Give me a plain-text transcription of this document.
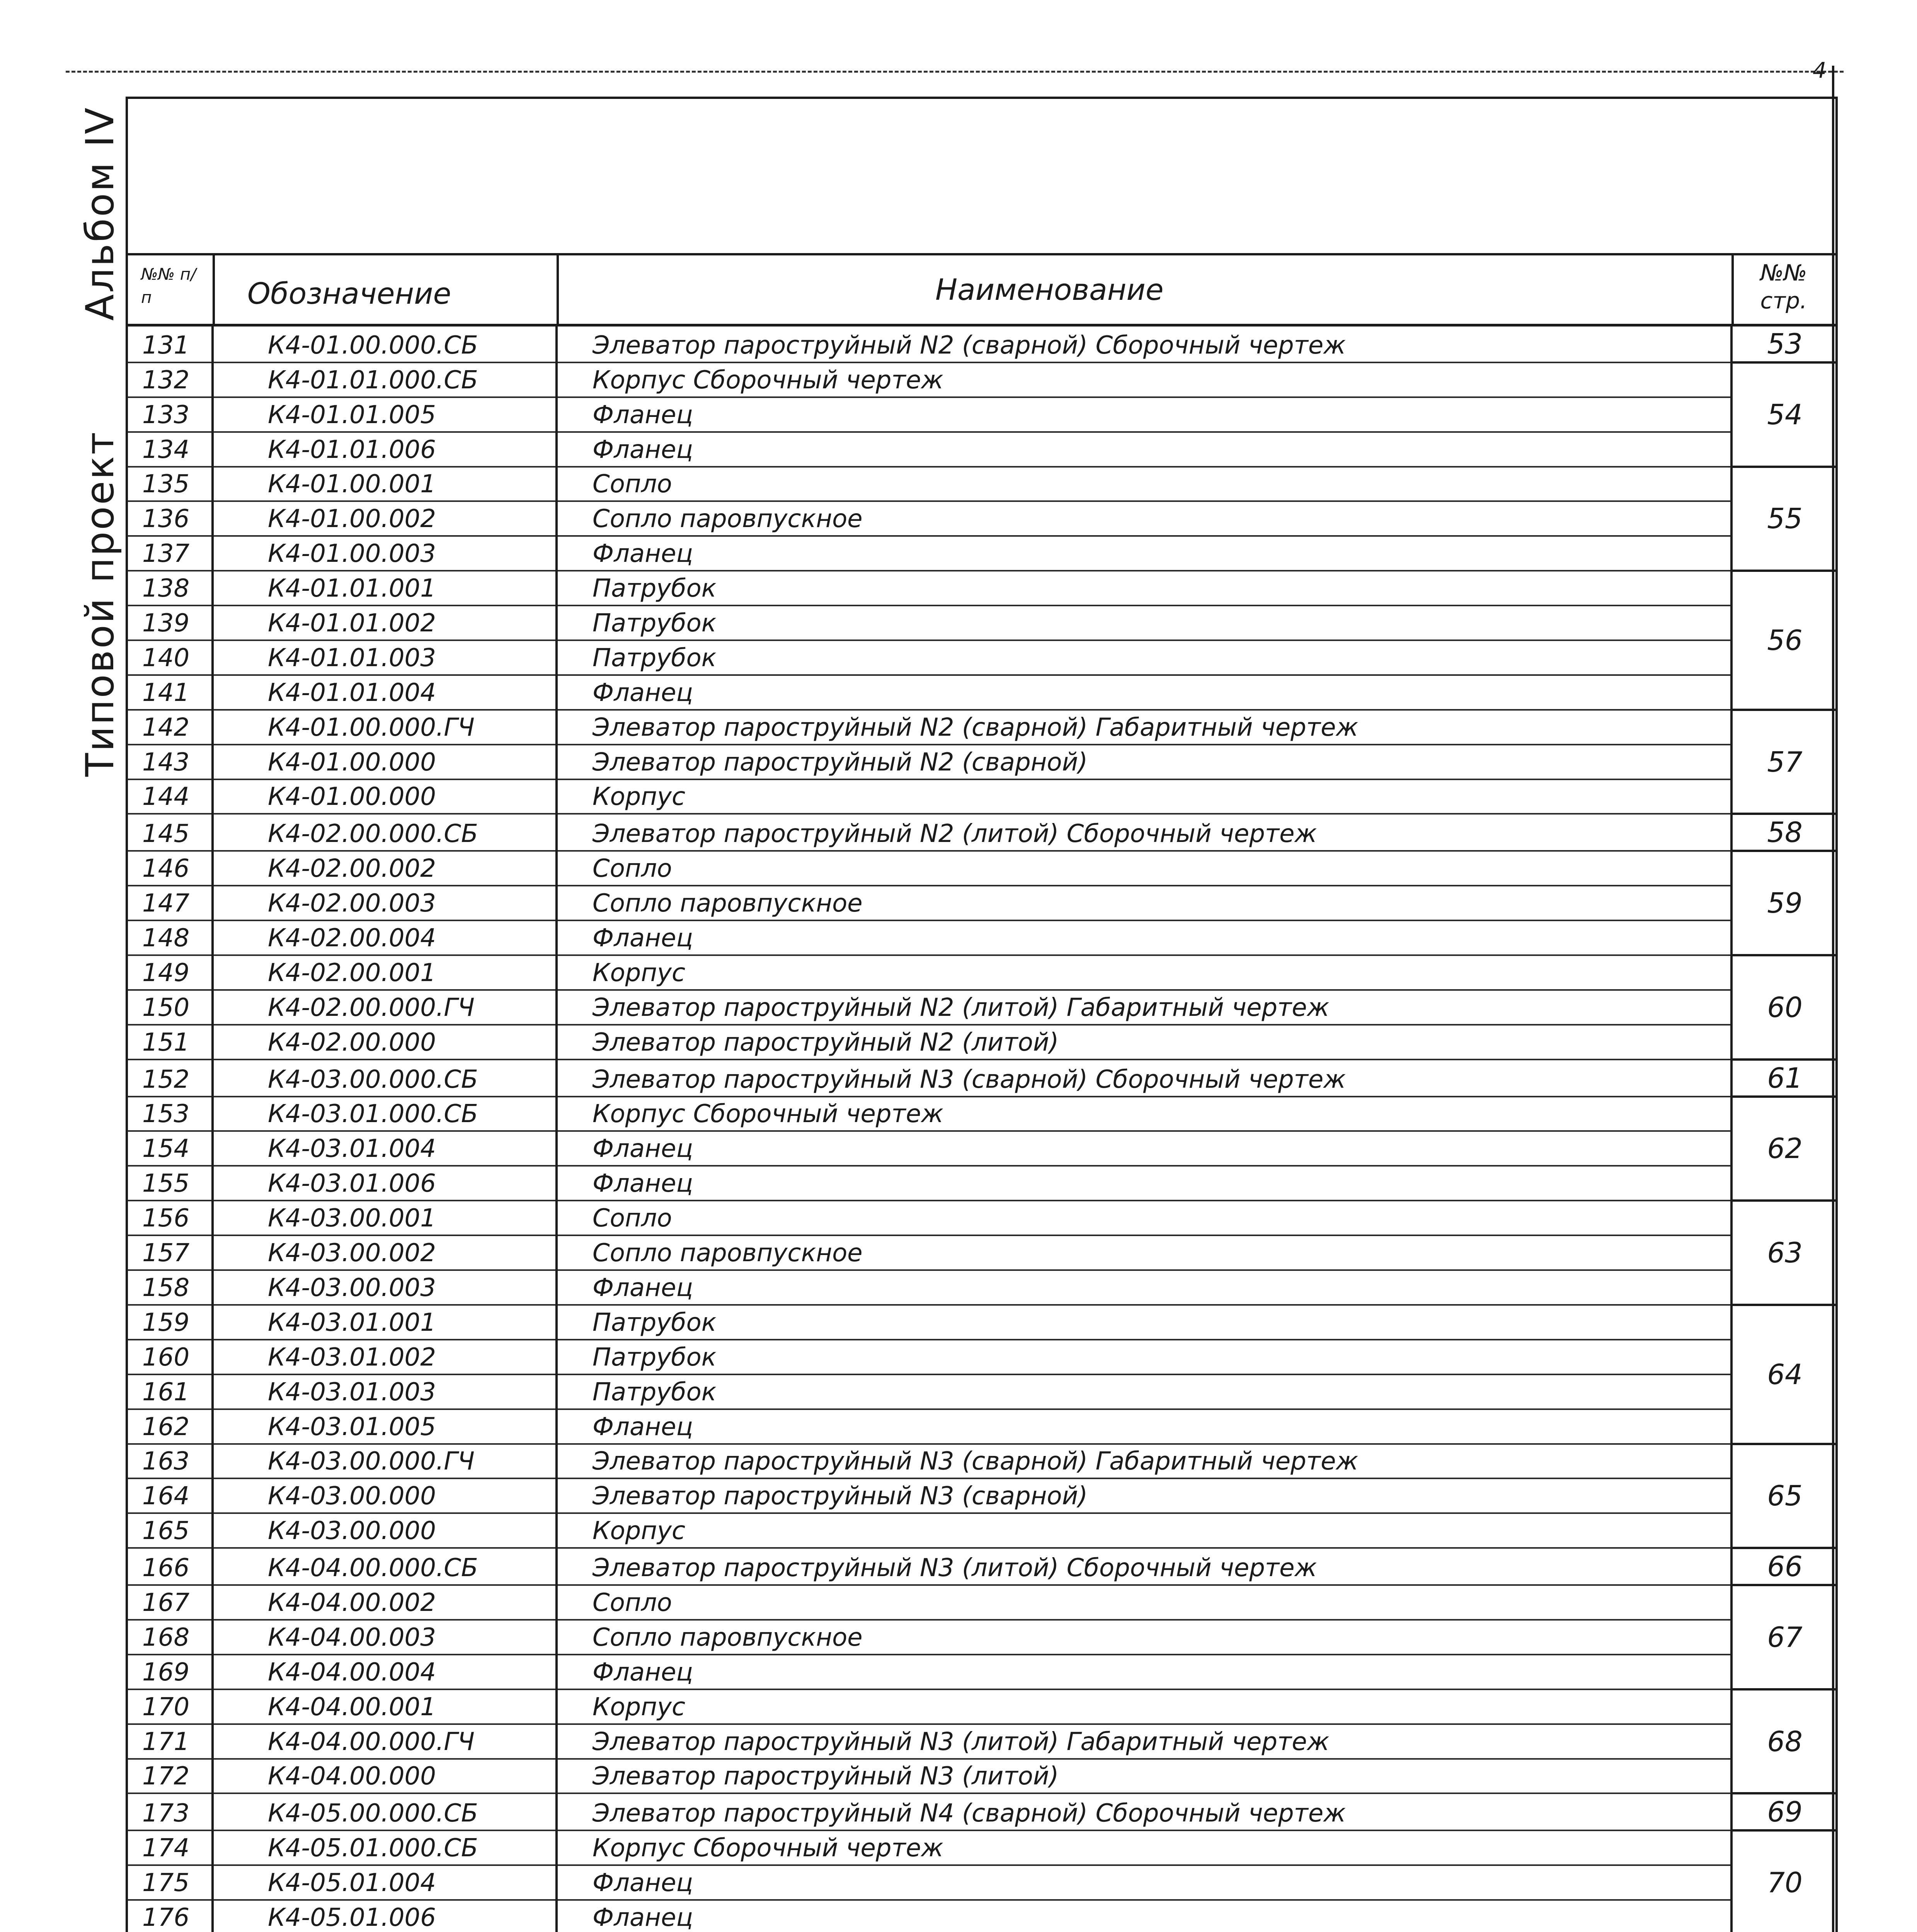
4
№№ п/п	Обозначение	Наименование	№№ стр.
Альбом IV
Типовой проект
131	К4-01.00.000.СБ	Элеватор пароструйный N2 (сварной) Сборочный чертеж	53
132	К4-01.01.000.СБ	Корпус Сборочный чертеж	54
133	К4-01.01.005	Фланец	
134	К4-01.01.006	Фланец	
135	К4-01.00.001	Сопло	55
136	К4-01.00.002	Сопло паровпускное	
137	К4-01.00.003	Фланец	
138	К4-01.01.001	Патрубок	56
139	К4-01.01.002	Патрубок	
140	К4-01.01.003	Патрубок	
141	К4-01.01.004	Фланец	
142	К4-01.00.000.ГЧ	Элеватор пароструйный N2 (сварной) Габаритный чертеж	57
143	К4-01.00.000	Элеватор пароструйный N2 (сварной)	
144	К4-01.00.000	Корпус	
145	К4-02.00.000.СБ	Элеватор пароструйный N2 (литой) Сборочный чертеж	58
146	К4-02.00.002	Сопло	59
147	К4-02.00.003	Сопло паровпускное	
148	К4-02.00.004	Фланец	
149	К4-02.00.001	Корпус	60
150	К4-02.00.000.ГЧ	Элеватор пароструйный N2 (литой) Габаритный чертеж	
151	К4-02.00.000	Элеватор пароструйный N2 (литой)	
152	К4-03.00.000.СБ	Элеватор пароструйный N3 (сварной) Сборочный чертеж	61
153	К4-03.01.000.СБ	Корпус Сборочный чертеж	62
154	К4-03.01.004	Фланец	
155	К4-03.01.006	Фланец	
156	К4-03.00.001	Сопло	63
157	К4-03.00.002	Сопло паровпускное	
158	К4-03.00.003	Фланец	
159	К4-03.01.001	Патрубок	64
160	К4-03.01.002	Патрубок	
161	К4-03.01.003	Патрубок	
162	К4-03.01.005	Фланец	
163	К4-03.00.000.ГЧ	Элеватор пароструйный N3 (сварной) Габаритный чертеж	65
164	К4-03.00.000	Элеватор пароструйный N3 (сварной)	
165	К4-03.00.000	Корпус	
166	К4-04.00.000.СБ	Элеватор пароструйный N3 (литой) Сборочный чертеж	66
167	К4-04.00.002	Сопло	67
168	К4-04.00.003	Сопло паровпускное	
169	К4-04.00.004	Фланец	
170	К4-04.00.001	Корпус	68
171	К4-04.00.000.ГЧ	Элеватор пароструйный N3 (литой) Габаритный чертеж	
172	К4-04.00.000	Элеватор пароструйный N3 (литой)	
173	К4-05.00.000.СБ	Элеватор пароструйный N4 (сварной) Сборочный чертеж	69
174	К4-05.01.000.СБ	Корпус Сборочный чертеж	70
175	К4-05.01.004	Фланец	
176	К4-05.01.006	Фланец	
